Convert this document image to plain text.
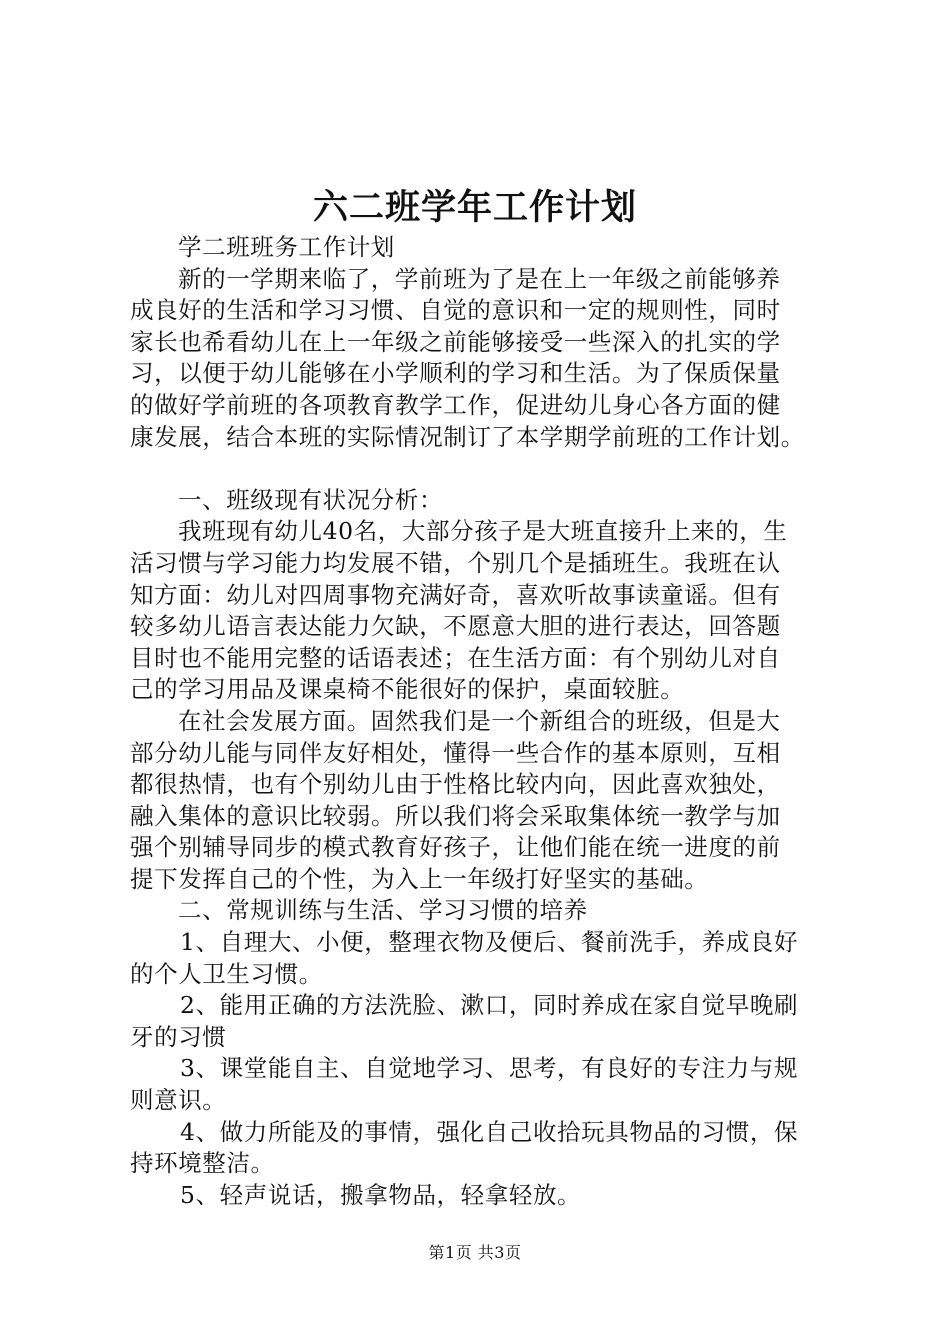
六二班学年工作计划
学二班班务工作计划
新的一学期来临了，学前班为了是在上一年级之前能够养
成良好的生活和学习习惯、自觉的意识和一定的规则性，同时
家长也希看幼儿在上一年级之前能够接受一些深入的扎实的学
习，以便于幼儿能够在小学顺利的学习和生活。为了保质保量
的做好学前班的各项教育教学工作，促进幼儿身心各方面的健
康发展，结合本班的实际情况制订了本学期学前班的工作计划。
一、班级现有状况分析：
我班现有幼儿40名，大部分孩子是大班直接升上来的，生
活习惯与学习能力均发展不错，个别几个是插班生。我班在认
知方面：幼儿对四周事物充满好奇，喜欢听故事读童谣。但有
较多幼儿语言表达能力欠缺，不愿意大胆的进行表达，回答题
目时也不能用完整的话语表述；在生活方面：有个别幼儿对自
己的学习用品及课桌椅不能很好的保护，桌面较脏。
在社会发展方面。固然我们是一个新组合的班级，但是大
部分幼儿能与同伴友好相处，懂得一些合作的基本原则，互相
都很热情，也有个别幼儿由于性格比较内向，因此喜欢独处，
融入集体的意识比较弱。所以我们将会采取集体统一教学与加
强个别辅导同步的模式教育好孩子，让他们能在统一进度的前
提下发挥自己的个性，为入上一年级打好坚实的基础。
二、常规训练与生活、学习习惯的培养
1、自理大、小便，整理衣物及便后、餐前洗手，养成良好
的个人卫生习惯。
2、能用正确的方法洗脸、漱口，同时养成在家自觉早晚刷
牙的习惯
3、课堂能自主、自觉地学习、思考，有良好的专注力与规
则意识。
4、做力所能及的事情，强化自己收拾玩具物品的习惯，保
持环境整洁。
5、轻声说话，搬拿物品，轻拿轻放。
第1页 共3页
